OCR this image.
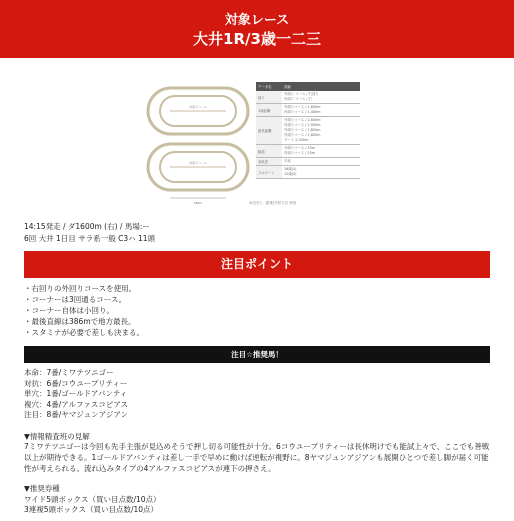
対象レース
大井1R/3歳一二三
外回りコース
内回りコース
386m
データ名	詳細
周り	外周り コース / 右回り
内周り コース / 右
1周距離	外周りコース / 1,600m
内周りコース / 1,400m
最長距離	外周りコース / 2,600m
内周りコース / 2,000m
外周りコース / 1,800m
内周りコース / 1,600m
ダート 2,000m
幅員	外周りコース / 25m
内周りコース / 25m
高低差	平坦
フルゲート	16頭(1)
12頭(2)
※右回り、縦乗/外回り共 使用
14:15発走 / ダ1600m (右) / 馬場:ー
6回 大井 1日目 サラ系一般 C3ハ 11頭
注目ポイント
・右回りの外回りコースを使用。
・コーナーは3回通るコース。
・コーナー自体は小回り。
・最後直線は386mで地方最長。
・スタミナが必要で差しも決まる。
注目☆推奨馬！
本命：7番/ミワテツニゴー
対抗：6番/コウユープリティー
単穴：1番/ゴールドアバンティ
複穴：4番/アルファスコピアス
注目：8番/ヤマジュンアジアン
▼情報精査班の見解
7ミワテツニゴーは今回も先手主張が見込めそうで押し切る可能性が十分。6コウユープリティーは長休明けでも能試上々で、ここでも善戦以上が期待できる。1ゴールドアバンティは差し一手で早めに動けば逆転が視野に。8ヤマジュンアジアンも展開ひとつで差し脚が届く可能性が考えられる。流れ込みタイプの4アルファスコピアスが連下の押さえ。
▼推奨券種
ワイド5頭ボックス（買い目点数/10点）
3連複5頭ボックス（買い目点数/10点）
